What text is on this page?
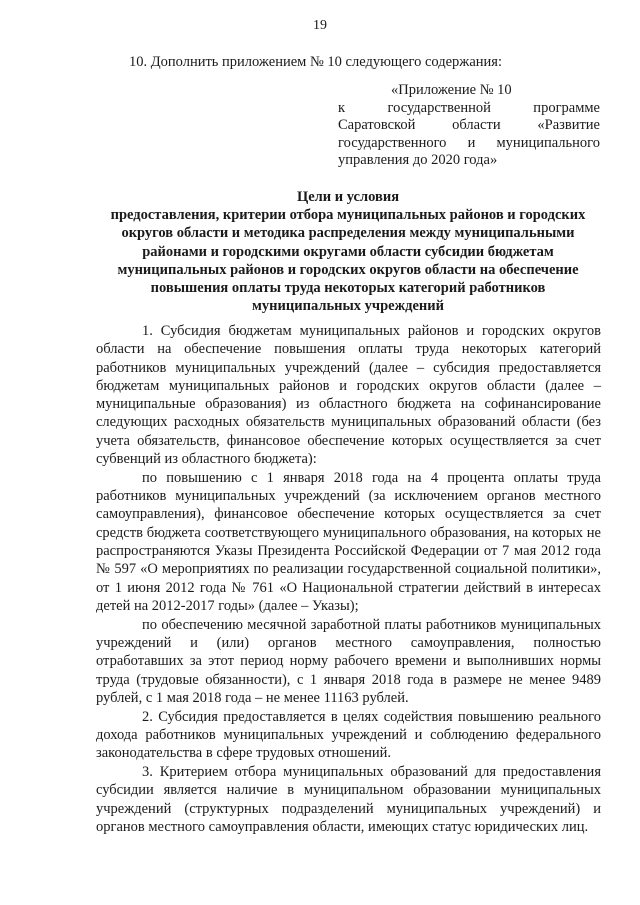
19
10. Дополнить приложением № 10 следующего содержания:
«Приложение № 10
к государственной программе
Саратовской области «Развитие
государственного и муниципального
управления до 2020 года»
Цели и условия
предоставления, критерии отбора муниципальных районов и городских округов области и методика распределения между муниципальными районами и городскими округами области субсидии бюджетам муниципальных районов и городских округов области на обеспечение повышения оплаты труда некоторых категорий работников муниципальных учреждений

1. Субсидия бюджетам муниципальных районов и городских округов области на обеспечение повышения оплаты труда некоторых категорий работников муниципальных учреждений (далее – субсидия предоставляется бюджетам муниципальных районов и городских округов области (далее – муниципальные образования) из областного бюджета на софинансирование следующих расходных обязательств муниципальных образований области (без учета обязательств, финансовое обеспечение которых осуществляется за счет субвенций из областного бюджета):

по повышению с 1 января 2018 года на 4 процента оплаты труда работников муниципальных учреждений (за исключением органов местного самоуправления), финансовое обеспечение которых осуществляется за счет средств бюджета соответствующего муниципального образования, на которых не распространяются Указы Президента Российской Федерации от 7 мая 2012 года № 597 «О мероприятиях по реализации государственной социальной политики», от 1 июня 2012 года № 761 «О Национальной стратегии действий в интересах детей на 2012-2017 годы» (далее – Указы);

по обеспечению месячной заработной платы работников муниципальных учреждений и (или) органов местного самоуправления, полностью отработавших за этот период норму рабочего времени и выполнивших нормы труда (трудовые обязанности), с 1 января 2018 года в размере не менее 9489 рублей, с 1 мая 2018 года – не менее 11163 рублей.

2. Субсидия предоставляется в целях содействия повышению реального дохода работников муниципальных учреждений и соблюдению федерального законодательства в сфере трудовых отношений.

3. Критерием отбора муниципальных образований для предоставления субсидии является наличие в муниципальном образовании муниципальных учреждений (структурных подразделений муниципальных учреждений) и органов местного самоуправления области, имеющих статус юридических лиц.
